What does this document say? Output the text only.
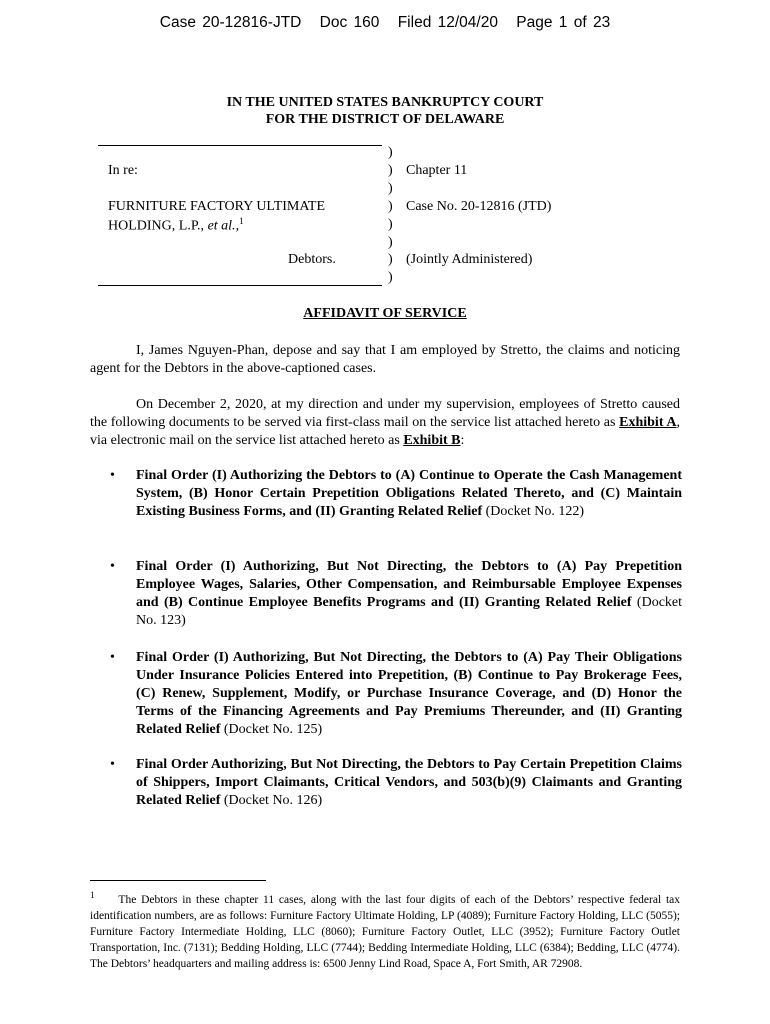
Case 20-12816-JTD Doc 160 Filed 12/04/20 Page 1 of 23
IN THE UNITED STATES BANKRUPTCY COURT
FOR THE DISTRICT OF DELAWARE
)
In re:	) Chapter 11
)
FURNITURE FACTORY ULTIMATE	) Case No. 20-12816 (JTD)
HOLDING, L.P., et al.,$^1$	)
)
Debtors.	) (Jointly Administered)
)
AFFIDAVIT OF SERVICE
I, James Nguyen-Phan, depose and say that I am employed by Stretto, the claims and noticing agent for the Debtors in the above-captioned cases.
On December 2, 2020, at my direction and under my supervision, employees of Stretto caused the following documents to be served via first-class mail on the service list attached hereto as Exhibit A, via electronic mail on the service list attached hereto as Exhibit B:
• Final Order (I) Authorizing the Debtors to (A) Continue to Operate the Cash Management System, (B) Honor Certain Prepetition Obligations Related Thereto, and (C) Maintain Existing Business Forms, and (II) Granting Related Relief (Docket No. 122)
• Final Order (I) Authorizing, But Not Directing, the Debtors to (A) Pay Prepetition Employee Wages, Salaries, Other Compensation, and Reimbursable Employee Expenses and (B) Continue Employee Benefits Programs and (II) Granting Related Relief (Docket No. 123)
• Final Order (I) Authorizing, But Not Directing, the Debtors to (A) Pay Their Obligations Under Insurance Policies Entered into Prepetition, (B) Continue to Pay Brokerage Fees, (C) Renew, Supplement, Modify, or Purchase Insurance Coverage, and (D) Honor the Terms of the Financing Agreements and Pay Premiums Thereunder, and (II) Granting Related Relief (Docket No. 125)
• Final Order Authorizing, But Not Directing, the Debtors to Pay Certain Prepetition Claims of Shippers, Import Claimants, Critical Vendors, and 503(b)(9) Claimants and Granting Related Relief (Docket No. 126)
$^1$ The Debtors in these chapter 11 cases, along with the last four digits of each of the Debtors’ respective federal tax identification numbers, are as follows: Furniture Factory Ultimate Holding, LP (4089); Furniture Factory Holding, LLC (5055); Furniture Factory Intermediate Holding, LLC (8060); Furniture Factory Outlet, LLC (3952); Furniture Factory Outlet Transportation, Inc. (7131); Bedding Holding, LLC (7744); Bedding Intermediate Holding, LLC (6384); Bedding, LLC (4774). The Debtors’ headquarters and mailing address is: 6500 Jenny Lind Road, Space A, Fort Smith, AR 72908.
